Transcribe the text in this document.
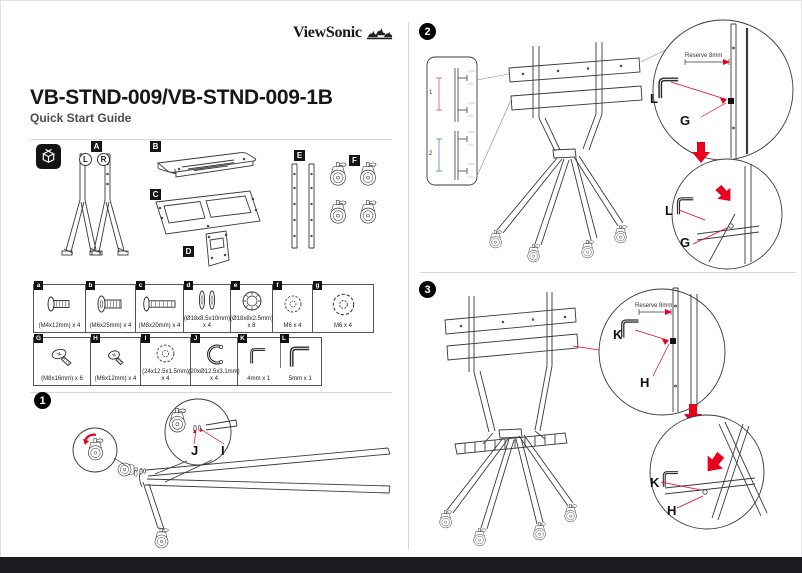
ViewSonic
VB-STND-009/VB-STND-009-1B
Quick Start Guide
A
L	R
B
C
D
E
F
a
(M4x12mm) x 4
b
(M6x25mm) x 4
c
(M8x20mm) x 4
d
(Ø18x8.5x10mm) x 4
e
(Ø18x8x2.5mm) x 8
f
M6 x 4
g
M6 x 4
G
(M8x16mm) x 6
H
(M6x12mm) x 4
I
(24x12.5x1.5mm) x 4
J
(20xØ12.5x3.1mm) x 4
K
4mm x 1
L
5mm x 1
1
J I
2
1
2
Reserve 8mm
L
G
L
G
3
Reserve 8mm
K
H
K
H
